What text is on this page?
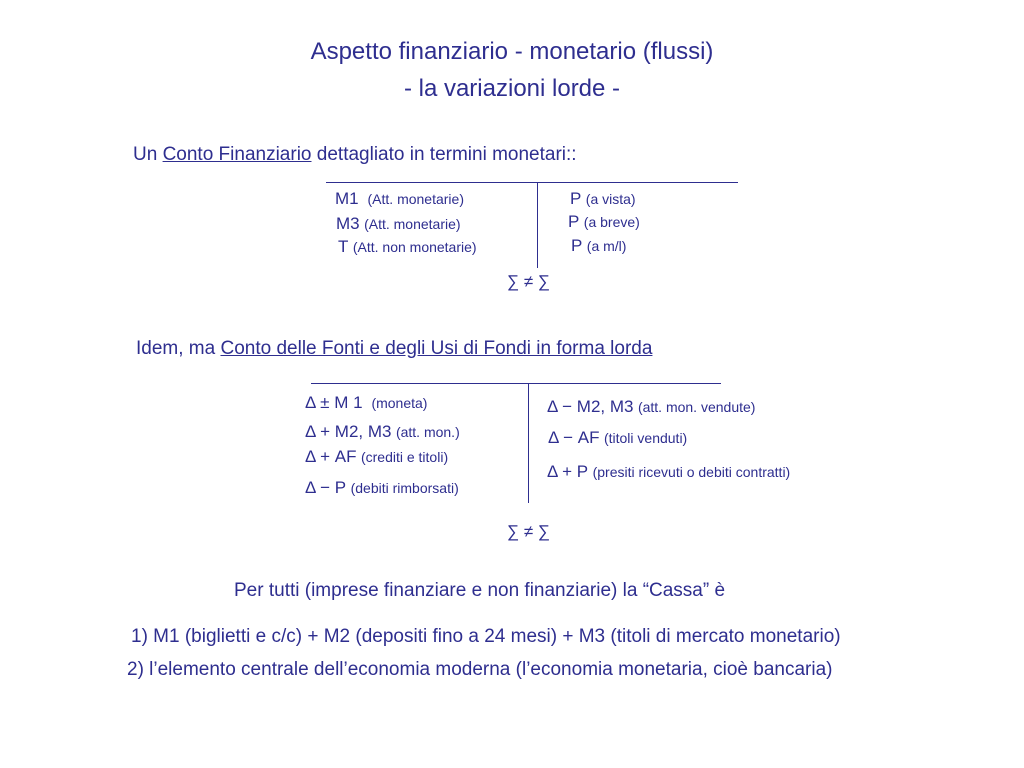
Aspetto finanziario - monetario (flussi)
- la variazioni lorde -
Un Conto Finanziario dettagliato in termini monetari::
M1 (Att. monetarie)
M3 (Att. monetarie)
T (Att. non monetarie)
P (a vista)
P (a breve)
P (a m/l)
∑ ≠ ∑
Idem, ma Conto delle Fonti e degli Usi di Fondi in forma lorda
Δ ± M 1 (moneta)
Δ + M2, M3 (att. mon.)
Δ + AF (crediti e titoli)
Δ − P (debiti rimborsati)
Δ − M2, M3 (att. mon. vendute)
Δ − AF (titoli venduti)
Δ + P (presiti ricevuti o debiti contratti)
∑ ≠ ∑
Per tutti (imprese finanziare e non finanziarie) la “Cassa” è
1) M1 (biglietti e c/c) + M2 (depositi fino a 24 mesi) + M3 (titoli di mercato monetario)
2) l’elemento centrale dell’economia moderna (l’economia monetaria, cioè bancaria)
